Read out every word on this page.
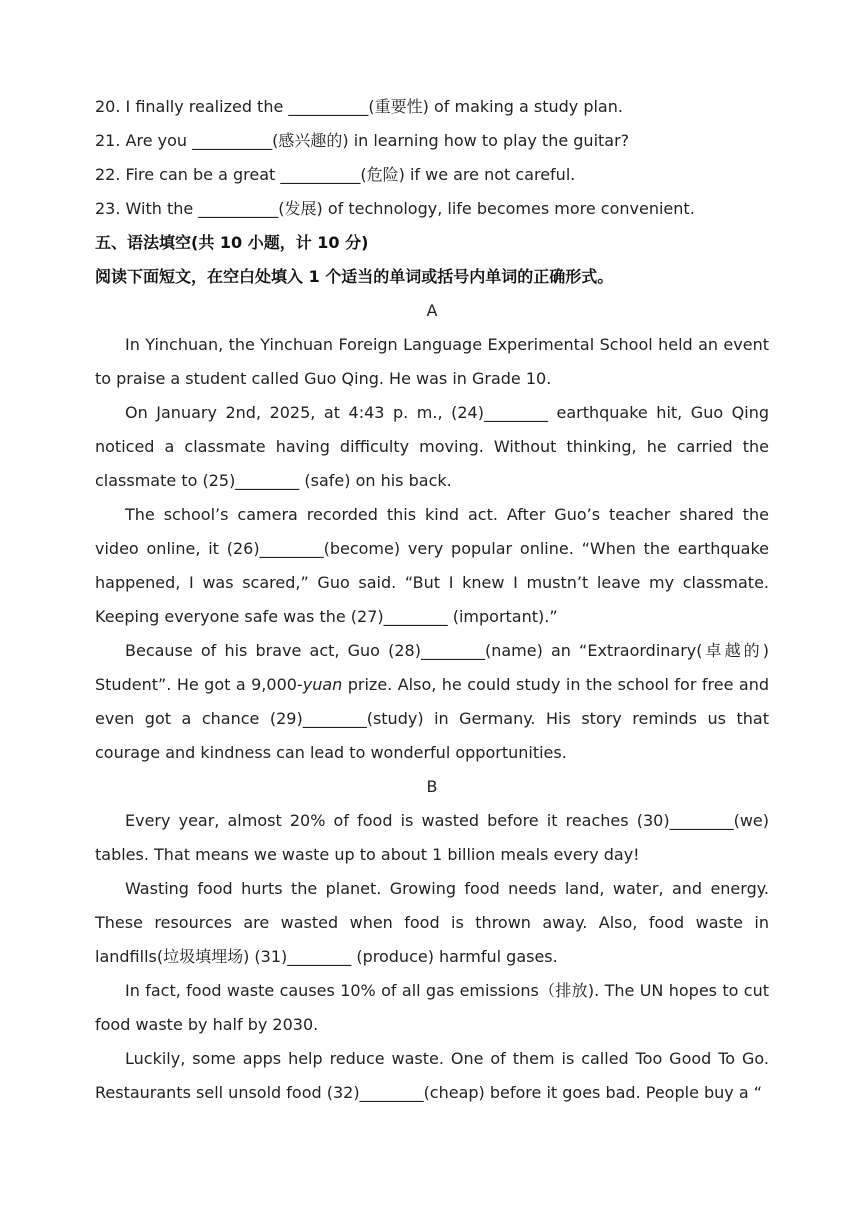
20. I finally realized the __________(重要性) of making a study plan.
21. Are you __________(感兴趣的) in learning how to play the guitar?
22. Fire can be a great __________(危险) if we are not careful.
23. With the __________(发展) of technology, life becomes more convenient.
五、语法填空(共 10 小题，计 10 分)
阅读下面短文，在空白处填入 1 个适当的单词或括号内单词的正确形式。
A

In Yinchuan, the Yinchuan Foreign Language Experimental School held an event to praise a student called Guo Qing. He was in Grade 10.

On January 2nd, 2025, at 4:43 p. m., (24)________ earthquake hit, Guo Qing noticed a classmate having difficulty moving. Without thinking, he carried the classmate to (25)________ (safe) on his back.

The school’s camera recorded this kind act. After Guo’s teacher shared the video online, it (26)________(become) very popular online. “When the earthquake happened, I was scared,” Guo said. “But I knew I mustn’t leave my classmate. Keeping everyone safe was the (27)________ (important).”

Because of his brave act, Guo (28)________(name) an “Extraordinary(卓越的) Student”. He got a 9,000-yuan prize. Also, he could study in the school for free and even got a chance (29)________(study) in Germany. His story reminds us that courage and kindness can lead to wonderful opportunities.

B

Every year, almost 20% of food is wasted before it reaches (30)________(we) tables. That means we waste up to about 1 billion meals every day!

Wasting food hurts the planet. Growing food needs land, water, and energy. These resources are wasted when food is thrown away. Also, food waste in landfills(垃圾填埋场) (31)________ (produce) harmful gases.

In fact, food waste causes 10% of all gas emissions（排放). The UN hopes to cut food waste by half by 2030.

Luckily, some apps help reduce waste. One of them is called Too Good To Go. Restaurants sell unsold food (32)________(cheap) before it goes bad. People buy a “
